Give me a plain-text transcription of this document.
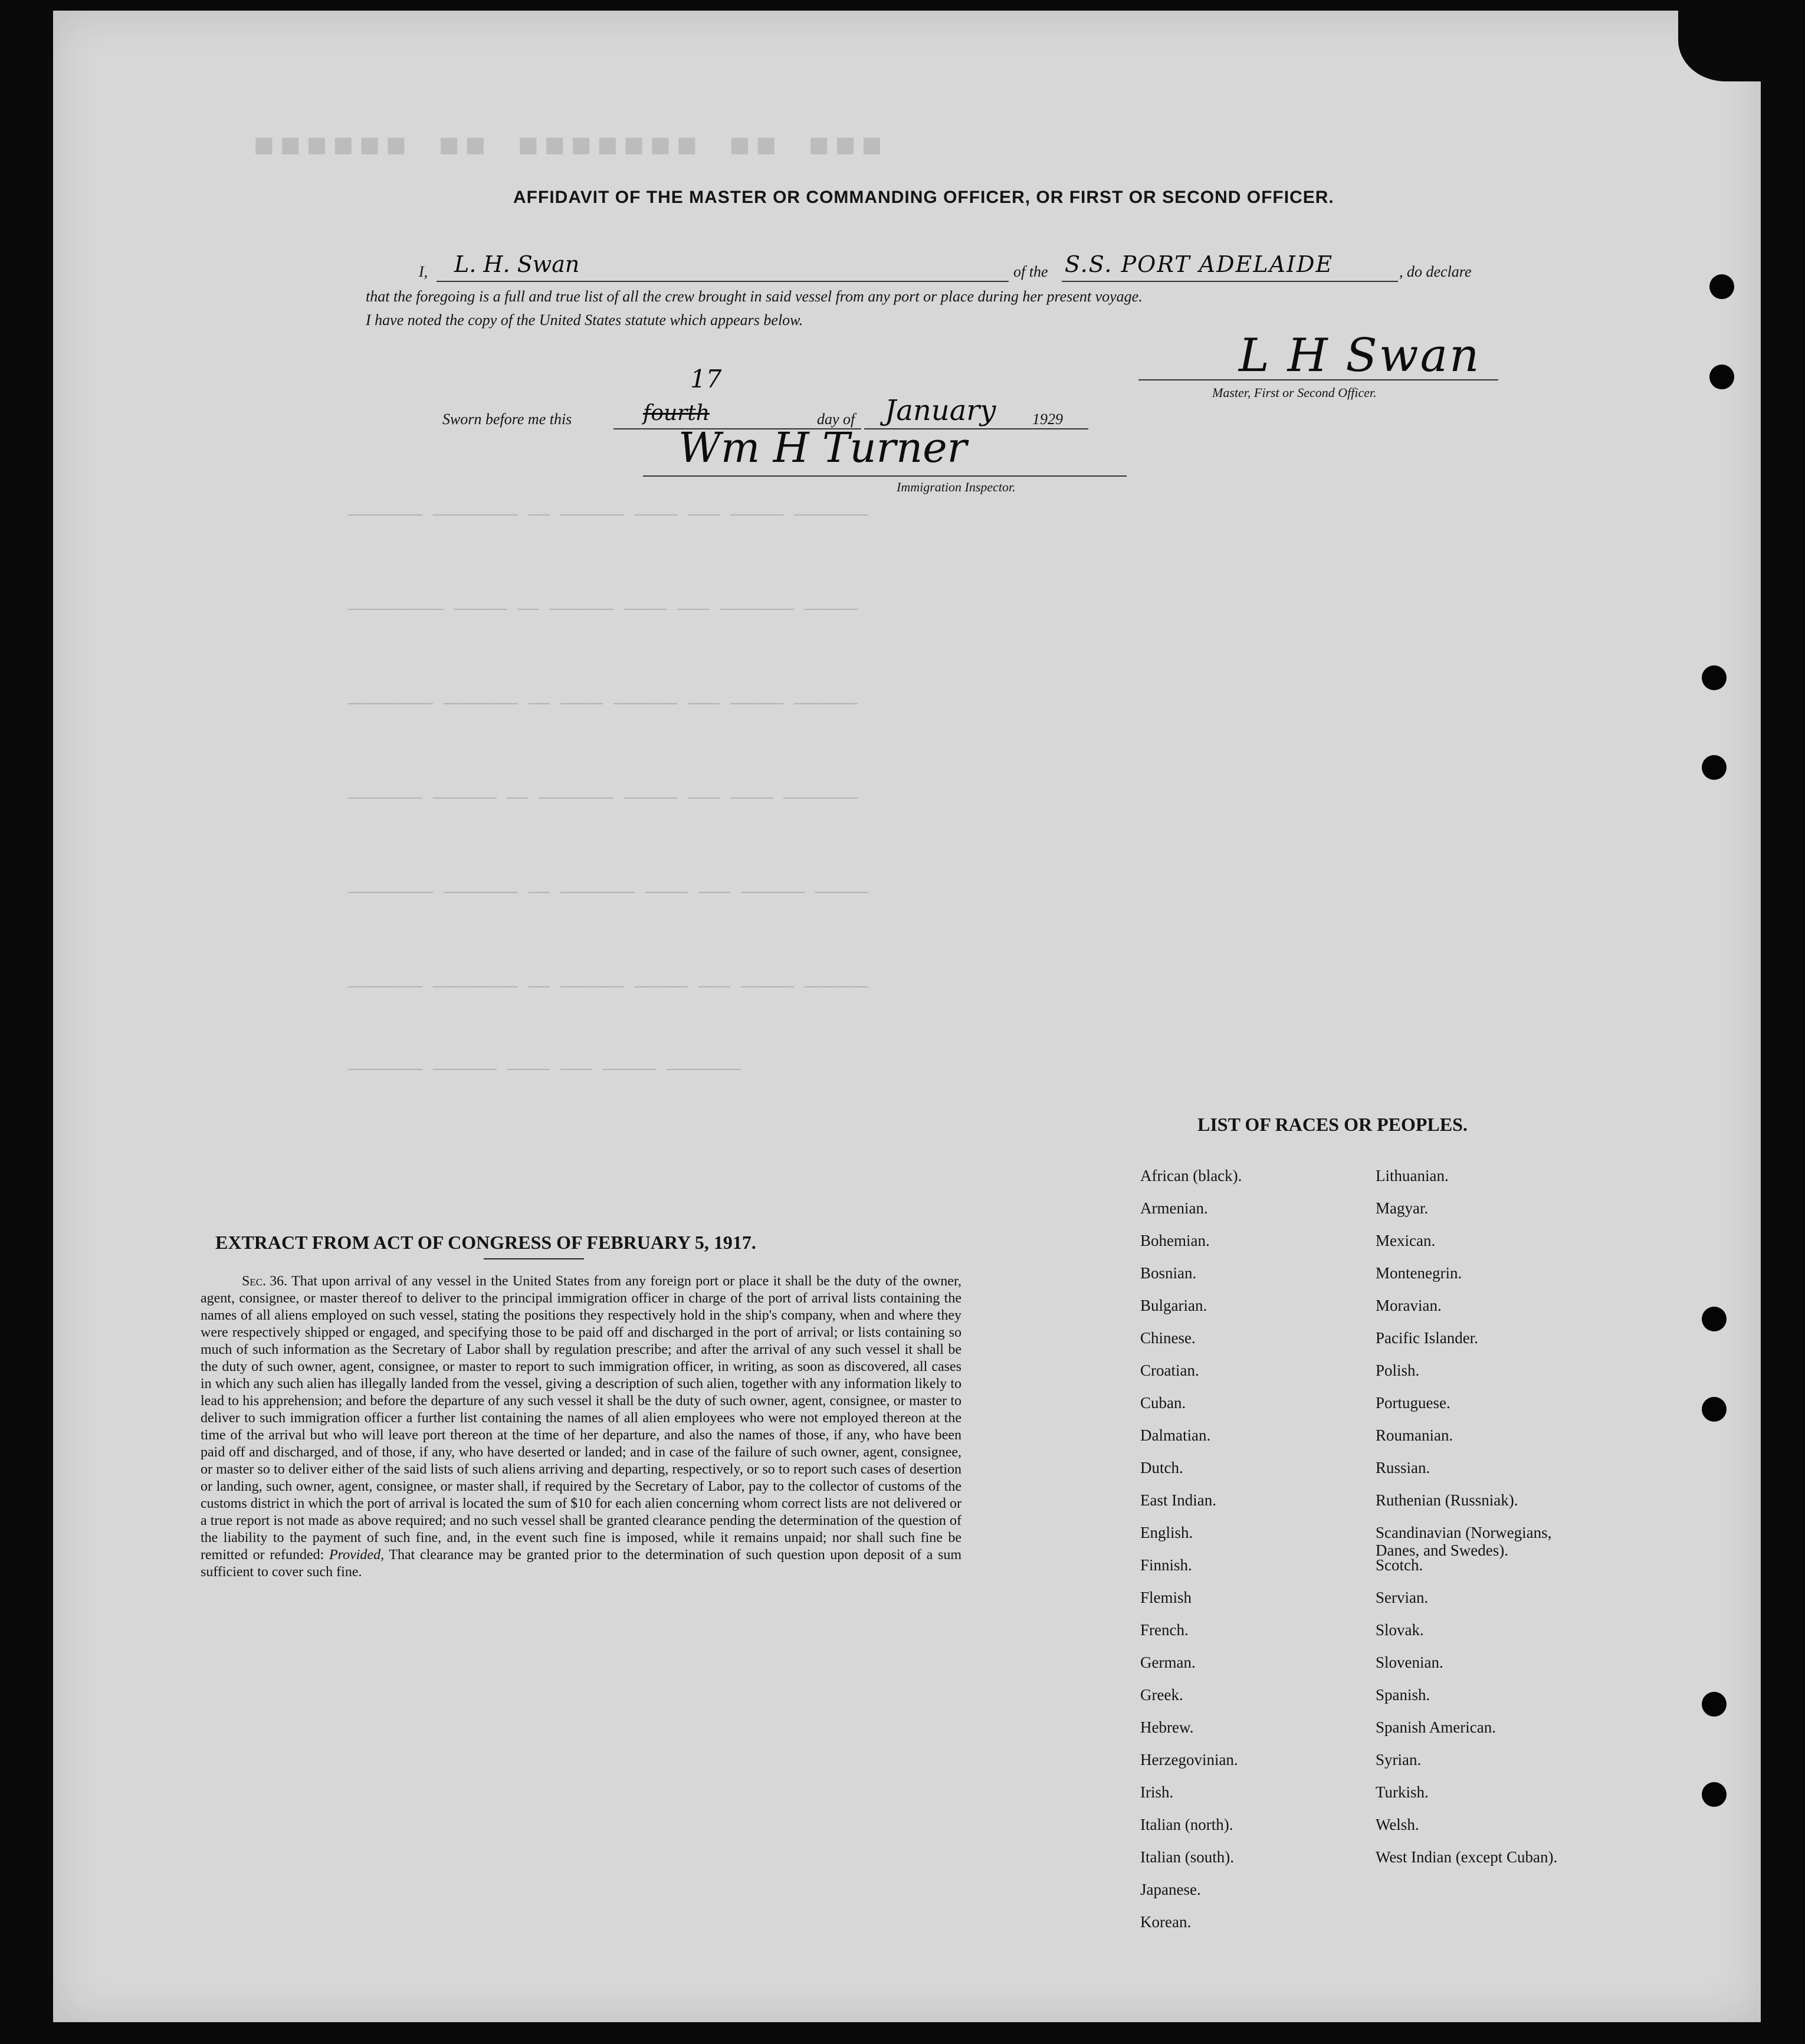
■■■ ■■ ■■■■■■■ ■■ ■■■■■■
─────── ───── ─── ──── ────── ── ──────── ───────
───── ─────── ─── ──── ────── ── ───── ─────────
────── ───── ─── ────── ──── ── ─────── ────────
─────── ──── ─── ───── ─────── ── ────── ───────
───── ────── ─── ──── ─────── ── ─────── ────────
────── ───── ─── ───── ────── ── ──────── ───────
─────── ───── ─── ──── ────── ───────
AFFIDAVIT OF THE MASTER OR COMMANDING OFFICER, OR FIRST OR SECOND OFFICER.
I, L. H. Swan	of the S.S. PORT ADELAIDE	, do declare
that the foregoing is a full and true list of all the crew brought in said vessel from any port or place during her present voyage.
I have noted the copy of the United States statute which appears below.
L H Swan
Master, First or Second Officer.
Sworn before me this	fourth
17
day of January 1929
Wm H Turner
Immigration Inspector.
EXTRACT FROM ACT OF CONGRESS OF FEBRUARY 5, 1917.
Sec. 36. That upon arrival of any vessel in the United States from any foreign port or place it shall be the duty of the owner, agent, consignee, or master thereof to deliver to the principal immigration officer in charge of the port of arrival lists containing the names of all aliens employed on such vessel, stating the positions they respectively hold in the ship's company, when and where they were respectively shipped or engaged, and specifying those to be paid off and discharged in the port of arrival; or lists containing so much of such information as the Secretary of Labor shall by regulation prescribe; and after the arrival of any such vessel it shall be the duty of such owner, agent, consignee, or master to report to such immigration officer, in writing, as soon as discovered, all cases in which any such alien has illegally landed from the vessel, giving a description of such alien, together with any information likely to lead to his apprehension; and before the departure of any such vessel it shall be the duty of such owner, agent, consignee, or master to deliver to such immigration officer a further list containing the names of all alien employees who were not employed thereon at the time of the arrival but who will leave port thereon at the time of her departure, and also the names of those, if any, who have been paid off and discharged, and of those, if any, who have deserted or landed; and in case of the failure of such owner, agent, consignee, or master so to deliver either of the said lists of such aliens arriving and departing, respectively, or so to report such cases of desertion or landing, such owner, agent, consignee, or master shall, if required by the Secretary of Labor, pay to the collector of customs of the customs district in which the port of arrival is located the sum of $10 for each alien concerning whom correct lists are not delivered or a true report is not made as above required; and no such vessel shall be granted clearance pending the determination of the question of the liability to the payment of such fine, and, in the event such fine is imposed, while it remains unpaid; nor shall such fine be remitted or refunded: Provided, That clearance may be granted prior to the determination of such question upon deposit of a sum sufficient to cover such fine.
LIST OF RACES OR PEOPLES.
African (black).
Armenian.
Bohemian.
Bosnian.
Bulgarian.
Chinese.
Croatian.
Cuban.
Dalmatian.
Dutch.
East Indian.
English.
Finnish.
Flemish
French.
German.
Greek.
Hebrew.
Herzegovinian.
Irish.
Italian (north).
Italian (south).
Japanese.
Korean.
Lithuanian.
Magyar.
Mexican.
Montenegrin.
Moravian.
Pacific Islander.
Polish.
Portuguese.
Roumanian.
Russian.
Ruthenian (Russniak).
Scandinavian (Norwegians, Danes, and Swedes).
Scotch.
Servian.
Slovak.
Slovenian.
Spanish.
Spanish American.
Syrian.
Turkish.
Welsh.
West Indian (except Cuban).
